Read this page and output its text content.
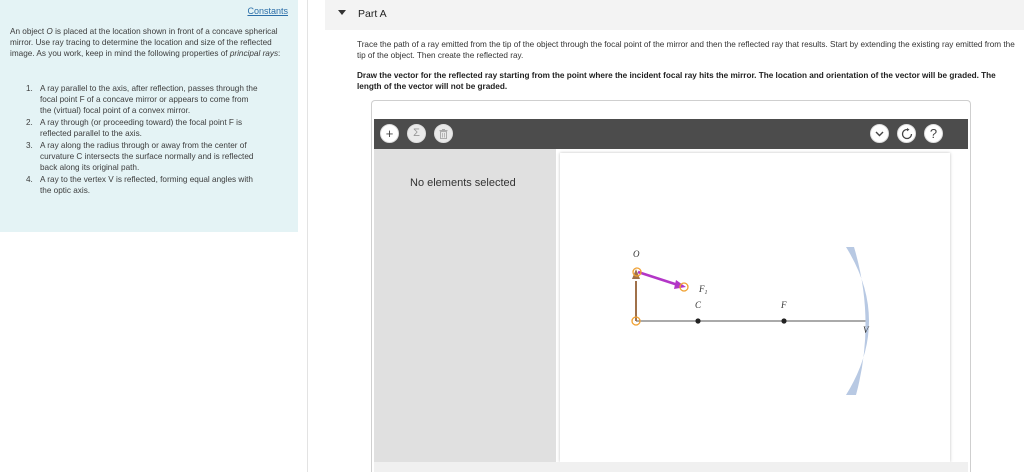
Constants
An object O is placed at the location shown in front of a concave spherical mirror. Use ray tracing to determine the location and size of the reflected image. As you work, keep in mind the following properties of principal rays:
1. A ray parallel to the axis, after reflection, passes through the focal point F of a concave mirror or appears to come from the (virtual) focal point of a convex mirror.
2. A ray through (or proceeding toward) the focal point F is reflected parallel to the axis.
3. A ray along the radius through or away from the center of curvature C intersects the surface normally and is reflected back along its original path.
4. A ray to the vertex V is reflected, forming equal angles with the optic axis.
Part A
Trace the path of a ray emitted from the tip of the object through the focal point of the mirror and then the reflected ray that results. Start by extending the existing ray emitted from the tip of the object. Then create the reflected ray.
Draw the vector for the reflected ray starting from the point where the incident focal ray hits the mirror. The location and orientation of the vector will be graded. The length of the vector will not be graded.
+	Σ	?
No elements selected
O
C	F
$F_1$
V
